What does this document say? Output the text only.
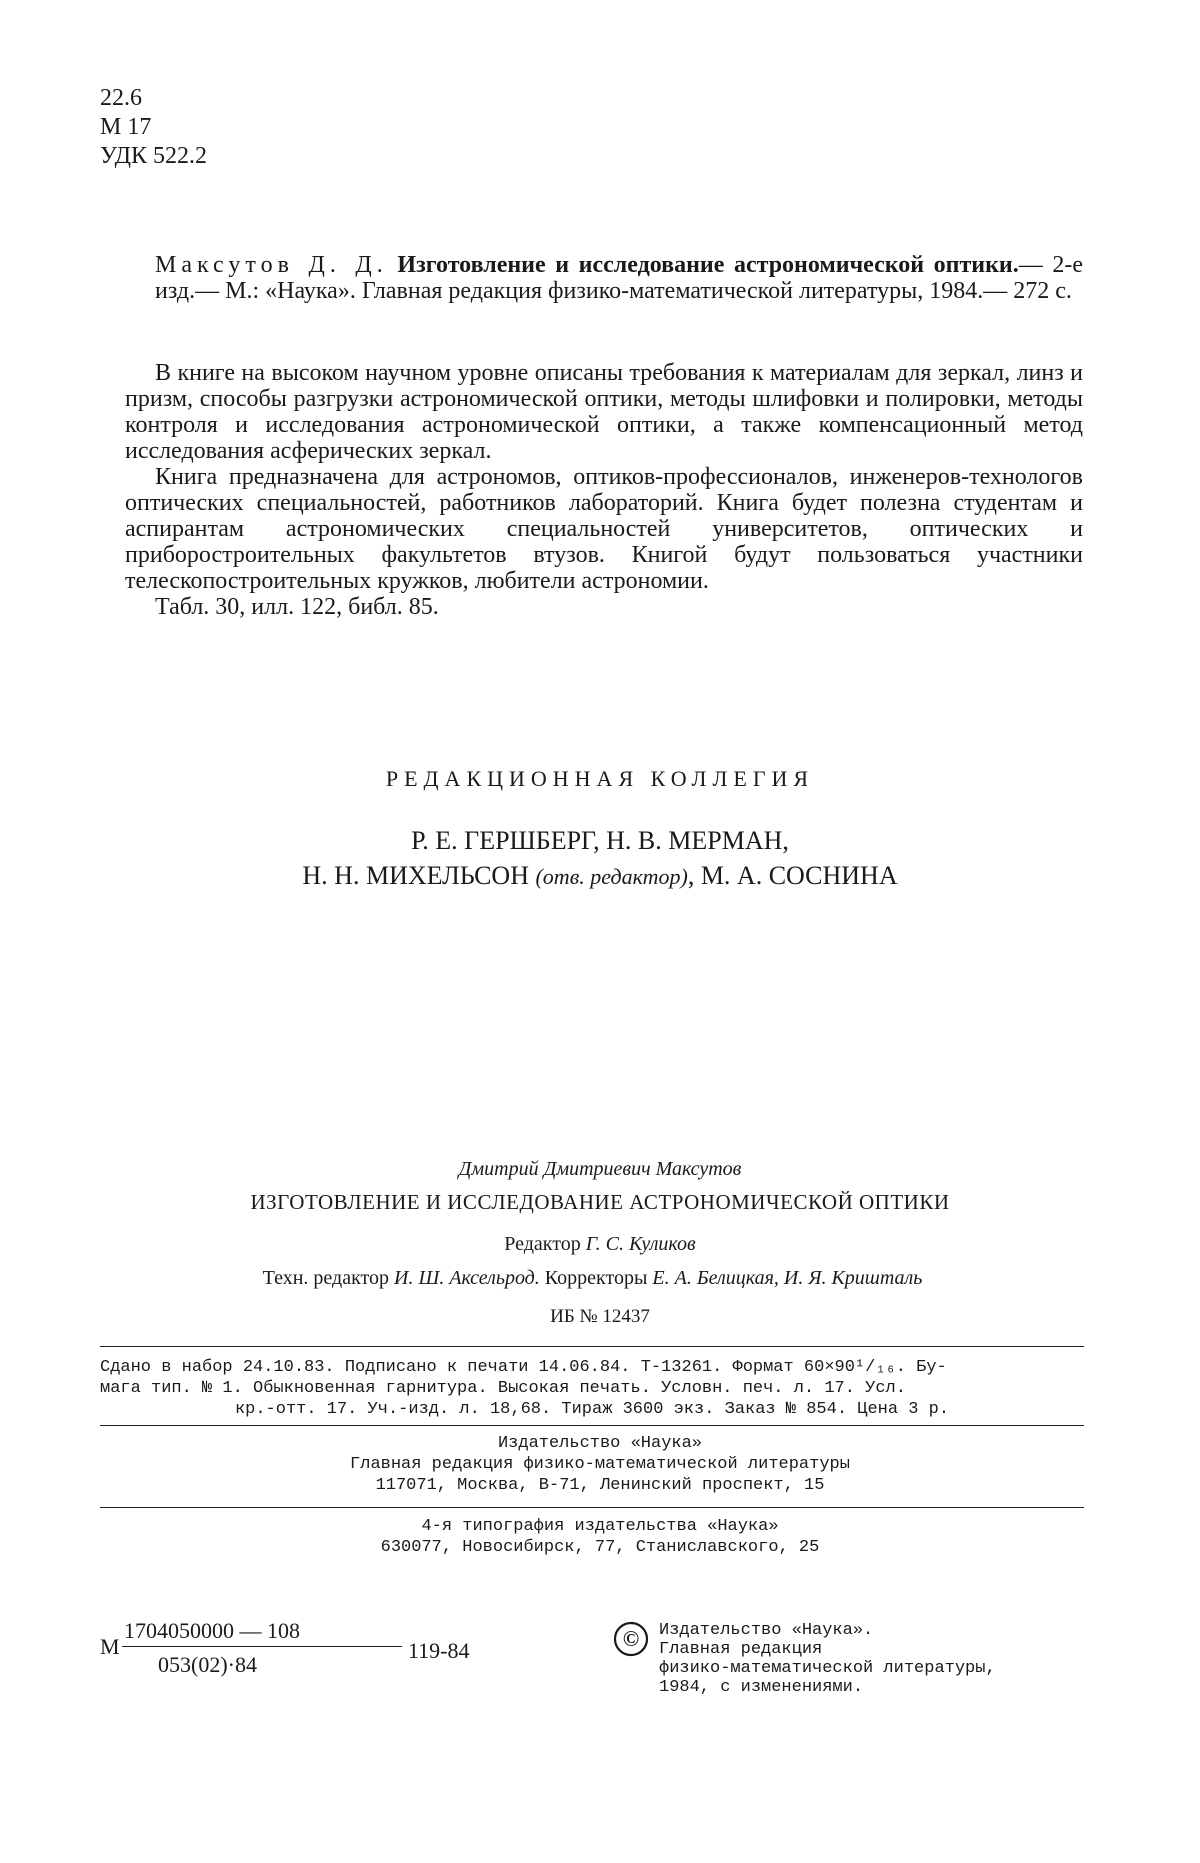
22.6
М 17
УДК 522.2
Максутов Д. Д. Изготовление и исследование астрономической оптики.— 2-е изд.— М.: «Наука». Главная редакция физико-математической литературы, 1984.— 272 с.

В книге на высоком научном уровне описаны требования к материалам для зеркал, линз и призм, способы разгрузки астрономической оптики, методы шлифовки и полировки, методы контроля и исследования астрономической оптики, а также компенсационный метод исследования асферических зеркал.

Книга предназначена для астрономов, оптиков-профессионалов, инженеров-технологов оптических специальностей, работников лабораторий. Книга будет полезна студентам и аспирантам астрономических специальностей университетов, оптических и приборостроительных факультетов втузов. Книгой будут пользоваться участники телескопостроительных кружков, любители астрономии.

Табл. 30, илл. 122, библ. 85.

РЕДАКЦИОННАЯ КОЛЛЕГИЯ
Р. Е. ГЕРШБЕРГ, Н. В. МЕРМАН,
Н. Н. МИХЕЛЬСОН (отв. редактор), М. А. СОСНИНА
Дмитрий Дмитриевич Максутов
ИЗГОТОВЛЕНИЕ И ИССЛЕДОВАНИЕ АСТРОНОМИЧЕСКОЙ ОПТИКИ
Редактор Г. С. Куликов
Техн. редактор И. Ш. Аксельрод. Корректоры Е. А. Белицкая, И. Я. Кришталь
ИБ № 12437
Сдано в набор 24.10.83. Подписано к печати 14.06.84. Т-13261. Формат 60×90¹/₁₆. Бу-
мага тип. № 1. Обыкновенная гарнитура. Высокая печать. Условн. печ. л. 17. Усл.
кр.-отт. 17. Уч.-изд. л. 18,68. Тираж 3600 экз. Заказ № 854. Цена 3 р.
Издательство «Наука»
Главная редакция физико-математической литературы
117071, Москва, В-71, Ленинский проспект, 15
4-я типография издательства «Наука»
630077, Новосибирск, 77, Станиславского, 25
М
1704050000 — 108
053(02)·84
119-84	© Издательство «Наука».
Главная редакция
физико-математической литературы,
1984, с изменениями.
